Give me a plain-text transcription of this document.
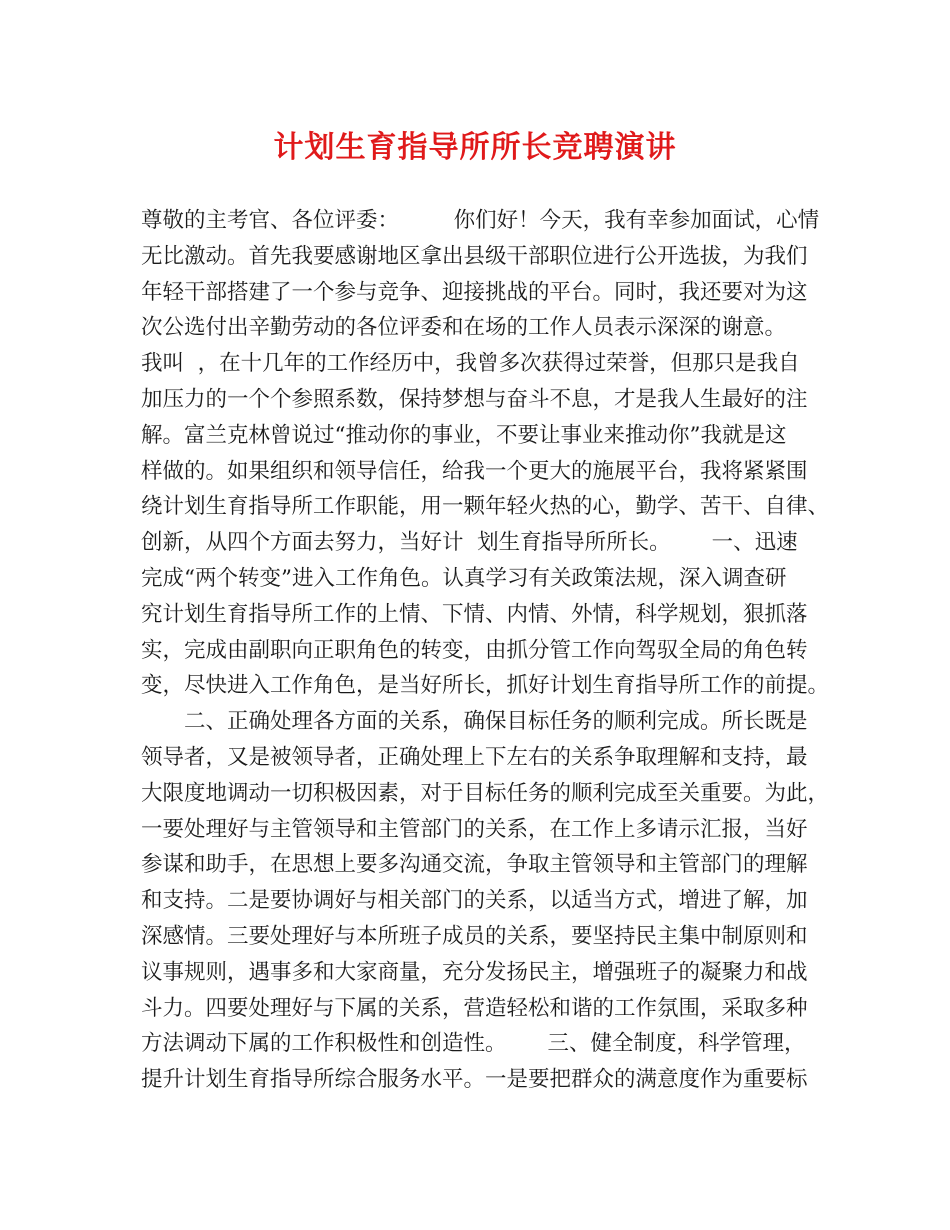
计划生育指导所所长竞聘演讲
尊敬的主考官、各位评委：        你们好！今天，我有幸参加面试，心情
无比激动。首先我要感谢地区拿出县级干部职位进行公开选拔，为我们
年轻干部搭建了一个参与竞争、迎接挑战的平台。同时，我还要对为这
次公选付出辛勤劳动的各位评委和在场的工作人员表示深深的谢意。
我叫  ，在十几年的工作经历中，我曾多次获得过荣誉，但那只是我自
加压力的一个个参照系数，保持梦想与奋斗不息，才是我人生最好的注
解。富兰克林曾说过“推动你的事业，不要让事业来推动你”我就是这
样做的。如果组织和领导信任，给我一个更大的施展平台，我将紧紧围
绕计划生育指导所工作职能，用一颗年轻火热的心，勤学、苦干、自律、
创新，从四个方面去努力，当好计  划生育指导所所长。      一、迅速
完成“两个转变”进入工作角色。认真学习有关政策法规，深入调查研
究计划生育指导所工作的上情、下情、内情、外情，科学规划，狠抓落
实，完成由副职向正职角色的转变，由抓分管工作向驾驭全局的角色转
变，尽快进入工作角色，是当好所长，抓好计划生育指导所工作的前提。
二、正确处理各方面的关系，确保目标任务的顺利完成。所长既是
领导者，又是被领导者，正确处理上下左右的关系争取理解和支持，最
大限度地调动一切积极因素，对于目标任务的顺利完成至关重要。为此，
一要处理好与主管领导和主管部门的关系，在工作上多请示汇报，当好
参谋和助手，在思想上要多沟通交流，争取主管领导和主管部门的理解
和支持。二是要协调好与相关部门的关系，以适当方式，增进了解，加
深感情。三要处理好与本所班子成员的关系，要坚持民主集中制原则和
议事规则，遇事多和大家商量，充分发扬民主，增强班子的凝聚力和战
斗力。四要处理好与下属的关系，营造轻松和谐的工作氛围，采取多种
方法调动下属的工作积极性和创造性。      三、健全制度，科学管理，
提升计划生育指导所综合服务水平。一是要把群众的满意度作为重要标
